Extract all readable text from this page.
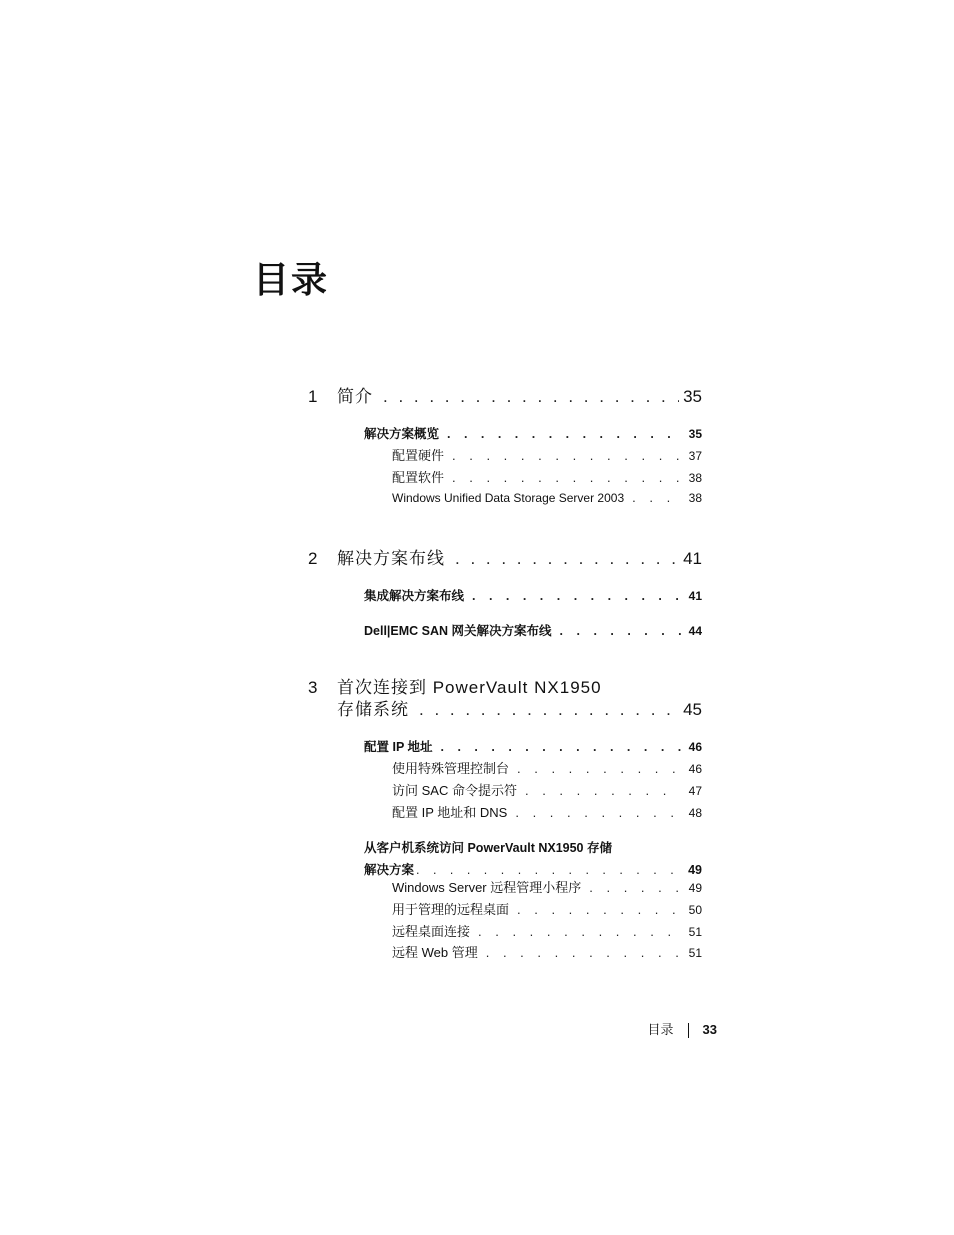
目录
1	简介 . . .	35
解决方案概览 . . .	35
配置硬件 . . .	37
配置软件 . . .	38
Windows Unified Data Storage Server 2003 . . .	38
2	解决方案布线 . . .	41
集成解决方案布线 . . .	41
Dell|EMC SAN 网关解决方案布线 . . .	44
3	首次连接到 PowerVault NX1950
存储系统 . . .	45
配置 IP 地址 . . .	46
使用特殊管理控制台 . . .	46
访问 SAC 命令提示符 . . .	47
配置 IP 地址和 DNS . . .	48
从客户机系统访问 PowerVault NX1950 存储
解决方案 . . .	49
Windows Server 远程管理小程序 . . .	49
用于管理的远程桌面 . . .	50
远程桌面连接 . . .	51
远程 Web 管理 . . .	51
目录 33
